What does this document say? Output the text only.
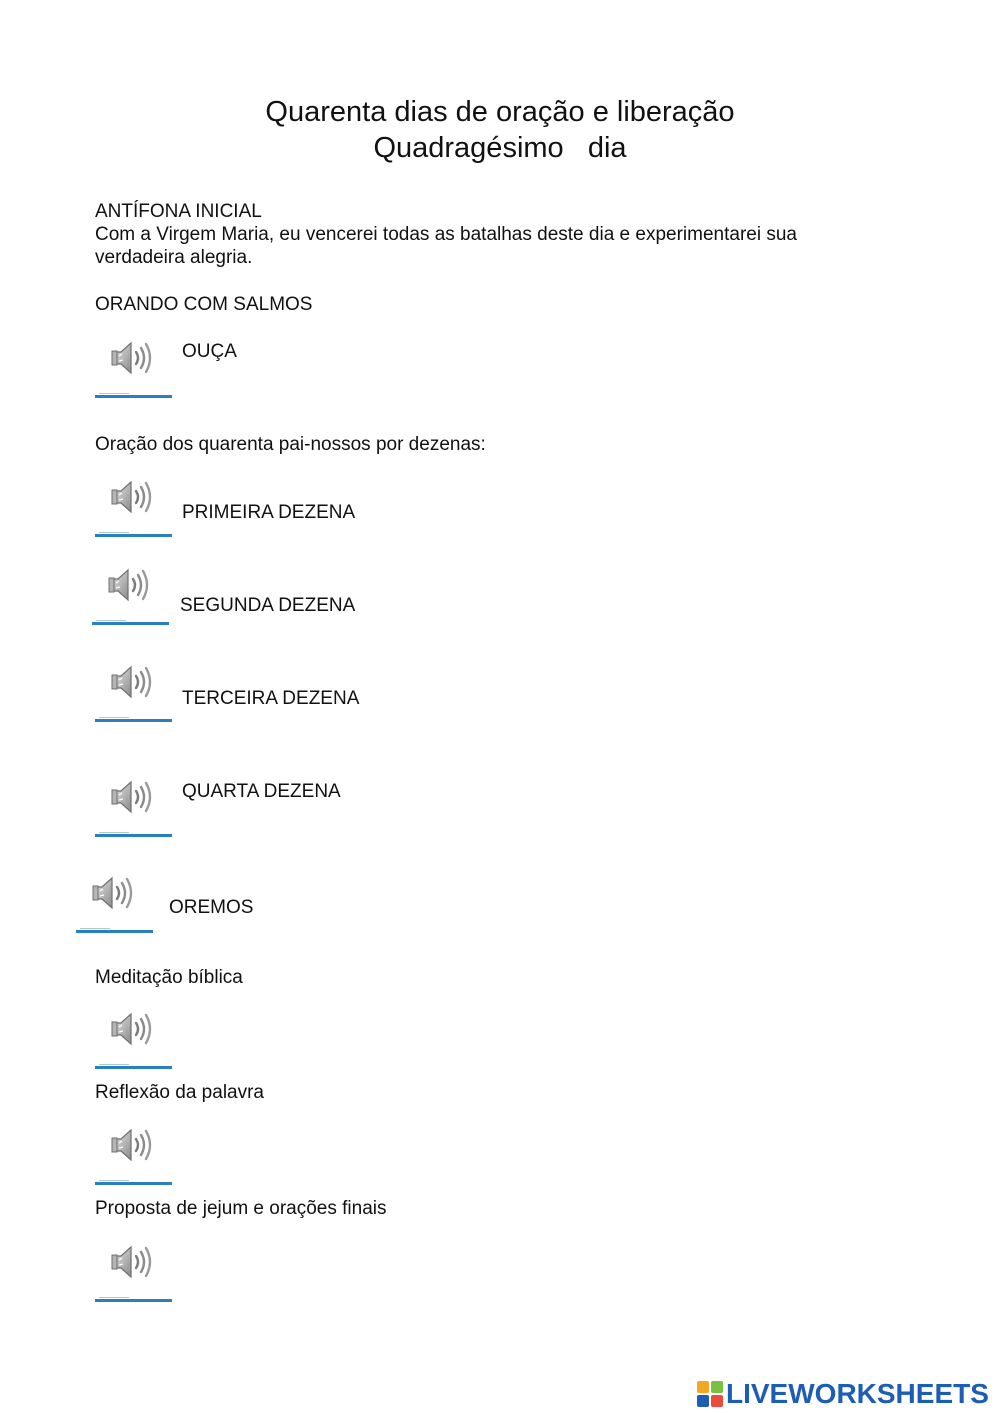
Quarenta dias de oração e liberação
Quadragésimo   dia
ANTÍFONA INICIAL
Com a Virgem Maria, eu vencerei todas as batalhas deste dia e experimentarei sua verdadeira alegria.
ORANDO COM SALMOS
OUÇA
Oração dos quarenta pai-nossos por dezenas:
PRIMEIRA DEZENA
SEGUNDA DEZENA
TERCEIRA DEZENA
QUARTA DEZENA
OREMOS
Meditação bíblica
Reflexão da palavra
Proposta de jejum e orações finais
LIVEWORKSHEETS
